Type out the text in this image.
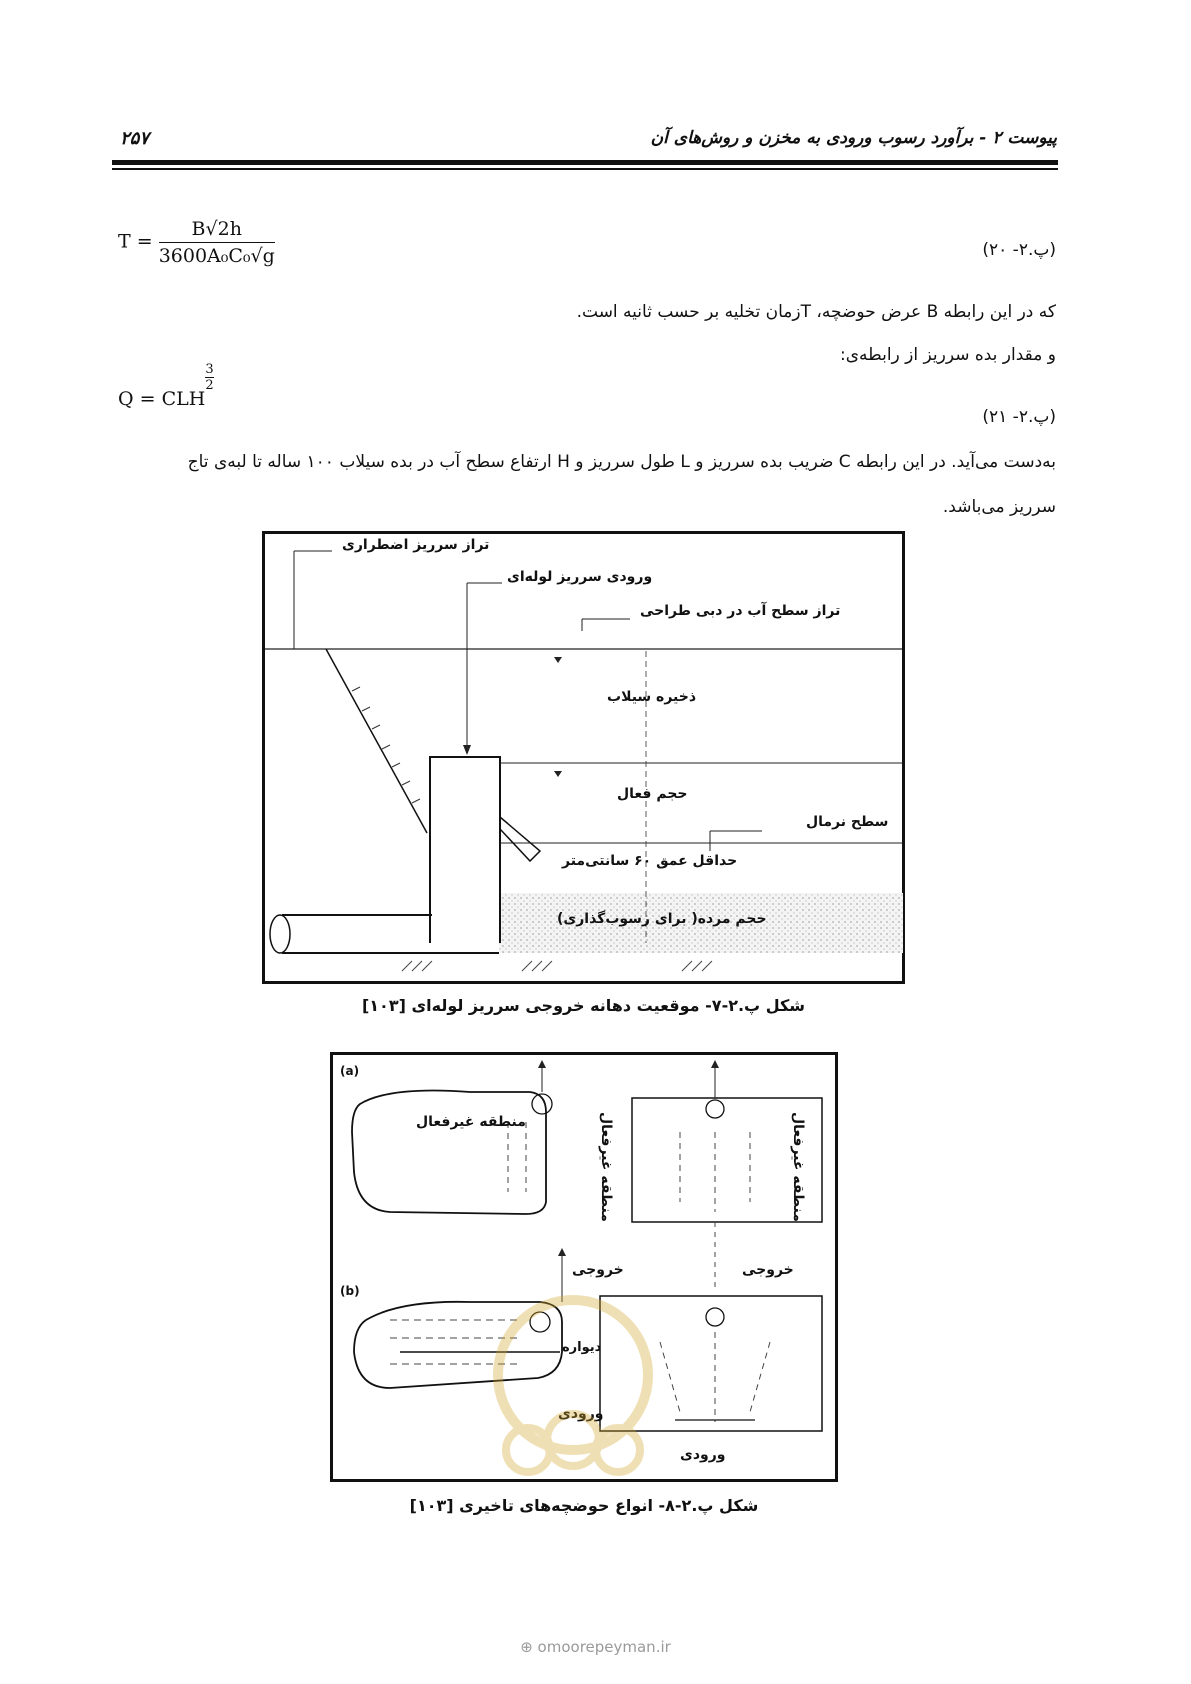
پیوست ۲ - برآورد رسوب ورودی به مخزن و روش‌های آن
۲۵۷
$T = \frac{B√2h}{\text{3600A₀C₀√g}}$	(پ.۲- ۲۰)
که در این رابطه B عرض حوضچه، Tزمان تخلیه بر حسب ثانیه است.
و مقدار بده سرریز از رابطه‌ی:
Q = CLH
$\frac{3}{2}$
(پ.۲- ۲۱)
به‌دست می‌آید. در این رابطه C ضریب بده سرریز و L طول سرریز و H ارتفاع سطح آب در بده سیلاب ۱۰۰ ساله تا لبه‌ی تاج
سرریز می‌باشد.
تراز سرریز اضطراری
ورودی سرریز لوله‌ای
تراز سطح آب در دبی طراحی
ذخیره سیلاب
حجم فعال
سطح نرمال
حداقل عمق ۶۰ سانتی‌متر
حجم مرده( برای رسوب‌گذاری)
شکل پ.۲-۷- موقعیت دهانه خروجی سرریز لوله‌ای [۱۰۳]
(a)
(b)
منطقه غیرفعال	منطقه غیرفعال	منطقه غیرفعال
خروجی	خروجی
دیواره
ورودی
ورودی
شکل پ.۲-۸- انواع حوضچه‌های تاخیری [۱۰۳]
⊕ omoorepeyman.ir
